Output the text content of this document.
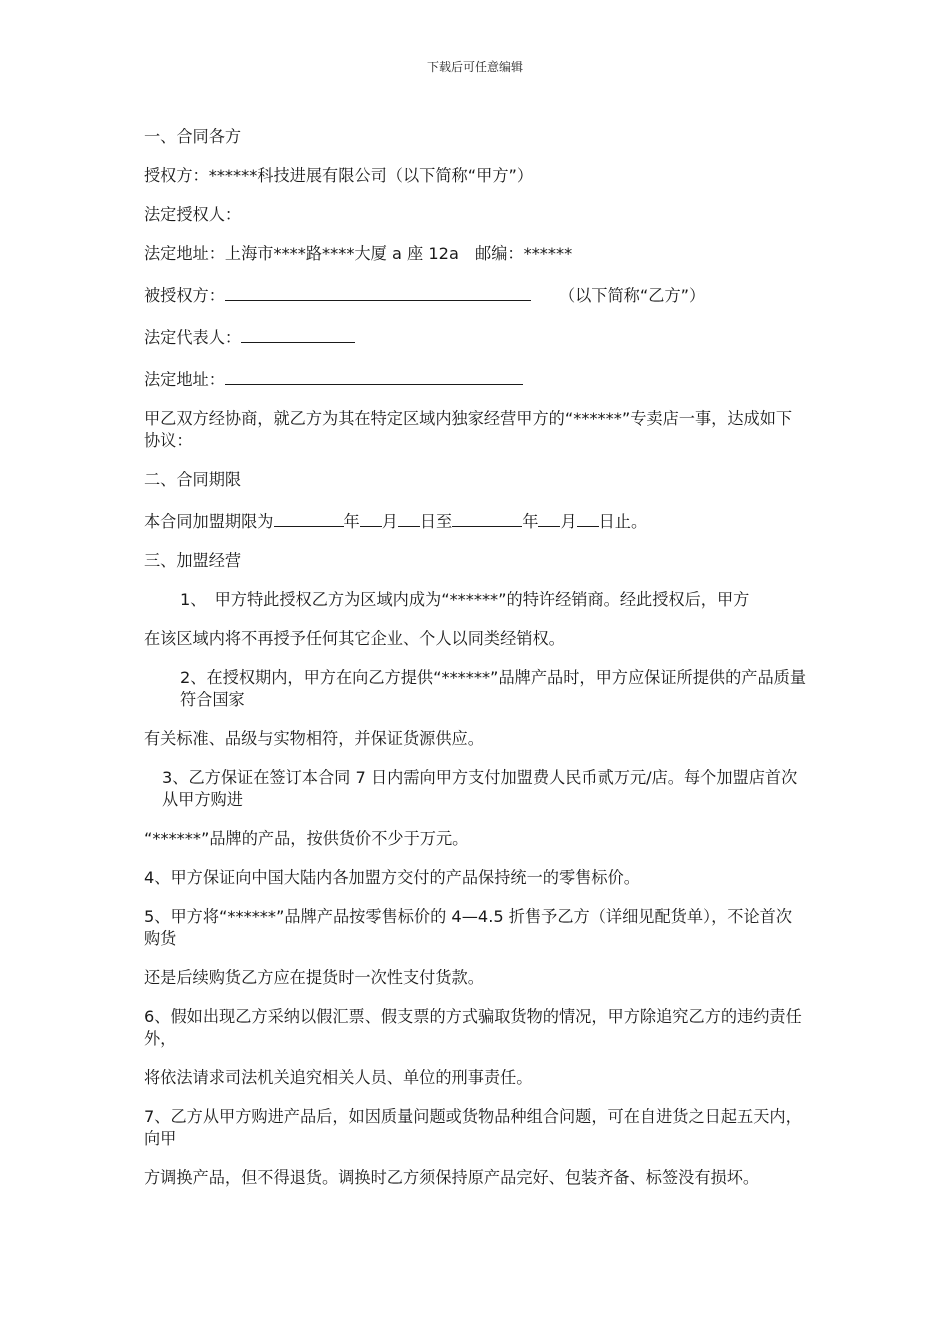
下载后可任意编辑

一、合同各方

授权方：******科技进展有限公司（以下简称“甲方”）

法定授权人：

法定地址：上海市****路****大厦 a 座 12a　邮编：******

被授权方：	（以下简称“乙方”）

法定代表人：

法定地址：

甲乙双方经协商，就乙方为其在特定区域内独家经营甲方的“******”专卖店一事，达成如下协议：

二、合同期限

本合同加盟期限为	年 月 日至	年 月 日止。

三、加盟经营

1、　甲方特此授权乙方为区域内成为“******”的特许经销商。经此授权后，甲方

在该区域内将不再授予任何其它企业、个人以同类经销权。

2、在授权期内，甲方在向乙方提供“******”品牌产品时，甲方应保证所提供的产品质量符合国家

有关标准、品级与实物相符，并保证货源供应。

3、乙方保证在签订本合同 7 日内需向甲方支付加盟费人民币贰万元/店。每个加盟店首次从甲方购进

“******”品牌的产品，按供货价不少于万元。

4、甲方保证向中国大陆内各加盟方交付的产品保持统一的零售标价。

5、甲方将“******”品牌产品按零售标价的 4—4.5 折售予乙方（详细见配货单），不论首次购货

还是后续购货乙方应在提货时一次性支付货款。

6、假如出现乙方采纳以假汇票、假支票的方式骗取货物的情况，甲方除追究乙方的违约责任外，

将依法请求司法机关追究相关人员、单位的刑事责任。

7、乙方从甲方购进产品后，如因质量问题或货物品种组合问题，可在自进货之日起五天内，向甲

方调换产品，但不得退货。调换时乙方须保持原产品完好、包装齐备、标签没有损坏。
